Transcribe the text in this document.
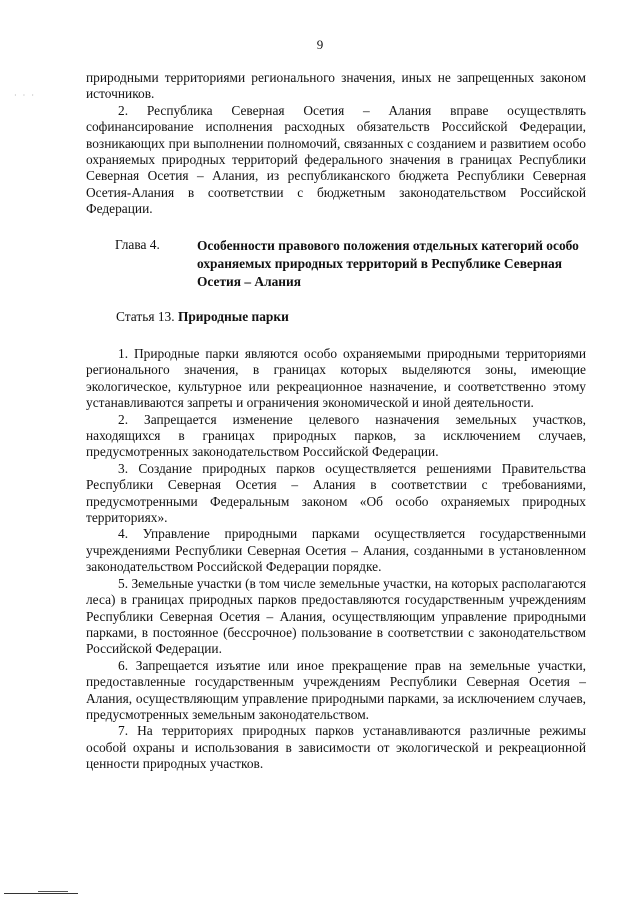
9
· · ·

природными территориями регионального значения, иных не запрещенных законом источников.

2. Республика Северная Осетия – Алания вправе осуществлять софинансирование исполнения расходных обязательств Российской Федерации, возникающих при выполнении полномочий, связанных с созданием и развитием особо охраняемых природных территорий федерального значения в границах Республики Северная Осетия – Алания, из республиканского бюджета Республики Северная Осетия-Алания в соответствии с бюджетным законодательством Российской Федерации.

Глава 4.	Особенности правового положения отдельных категорий особо охраняемых природных территорий в Республике Северная Осетия – Алания
Статья 13. Природные парки

1. Природные парки являются особо охраняемыми природными территориями регионального значения, в границах которых выделяются зоны, имеющие экологическое, культурное или рекреационное назначение, и соответственно этому устанавливаются запреты и ограничения экономической и иной деятельности.

2. Запрещается изменение целевого назначения земельных участков, находящихся в границах природных парков, за исключением случаев, предусмотренных законодательством Российской Федерации.

3. Создание природных парков осуществляется решениями Правительства Республики Северная Осетия – Алания в соответствии с требованиями, предусмотренными Федеральным законом «Об особо охраняемых природных территориях».

4. Управление природными парками осуществляется государственными учреждениями Республики Северная Осетия – Алания, созданными в установленном законодательством Российской Федерации порядке.

5. Земельные участки (в том числе земельные участки, на которых располагаются леса) в границах природных парков предоставляются государственным учреждениям Республики Северная Осетия – Алания, осуществляющим управление природными парками, в постоянное (бессрочное) пользование в соответствии с законодательством Российской Федерации.

6. Запрещается изъятие или иное прекращение прав на земельные участки, предоставленные государственным учреждениям Республики Северная Осетия – Алания, осуществляющим управление природными парками, за исключением случаев, предусмотренных земельным законодательством.

7. На территориях природных парков устанавливаются различные режимы особой охраны и использования в зависимости от экологической и рекреационной ценности природных участков.
